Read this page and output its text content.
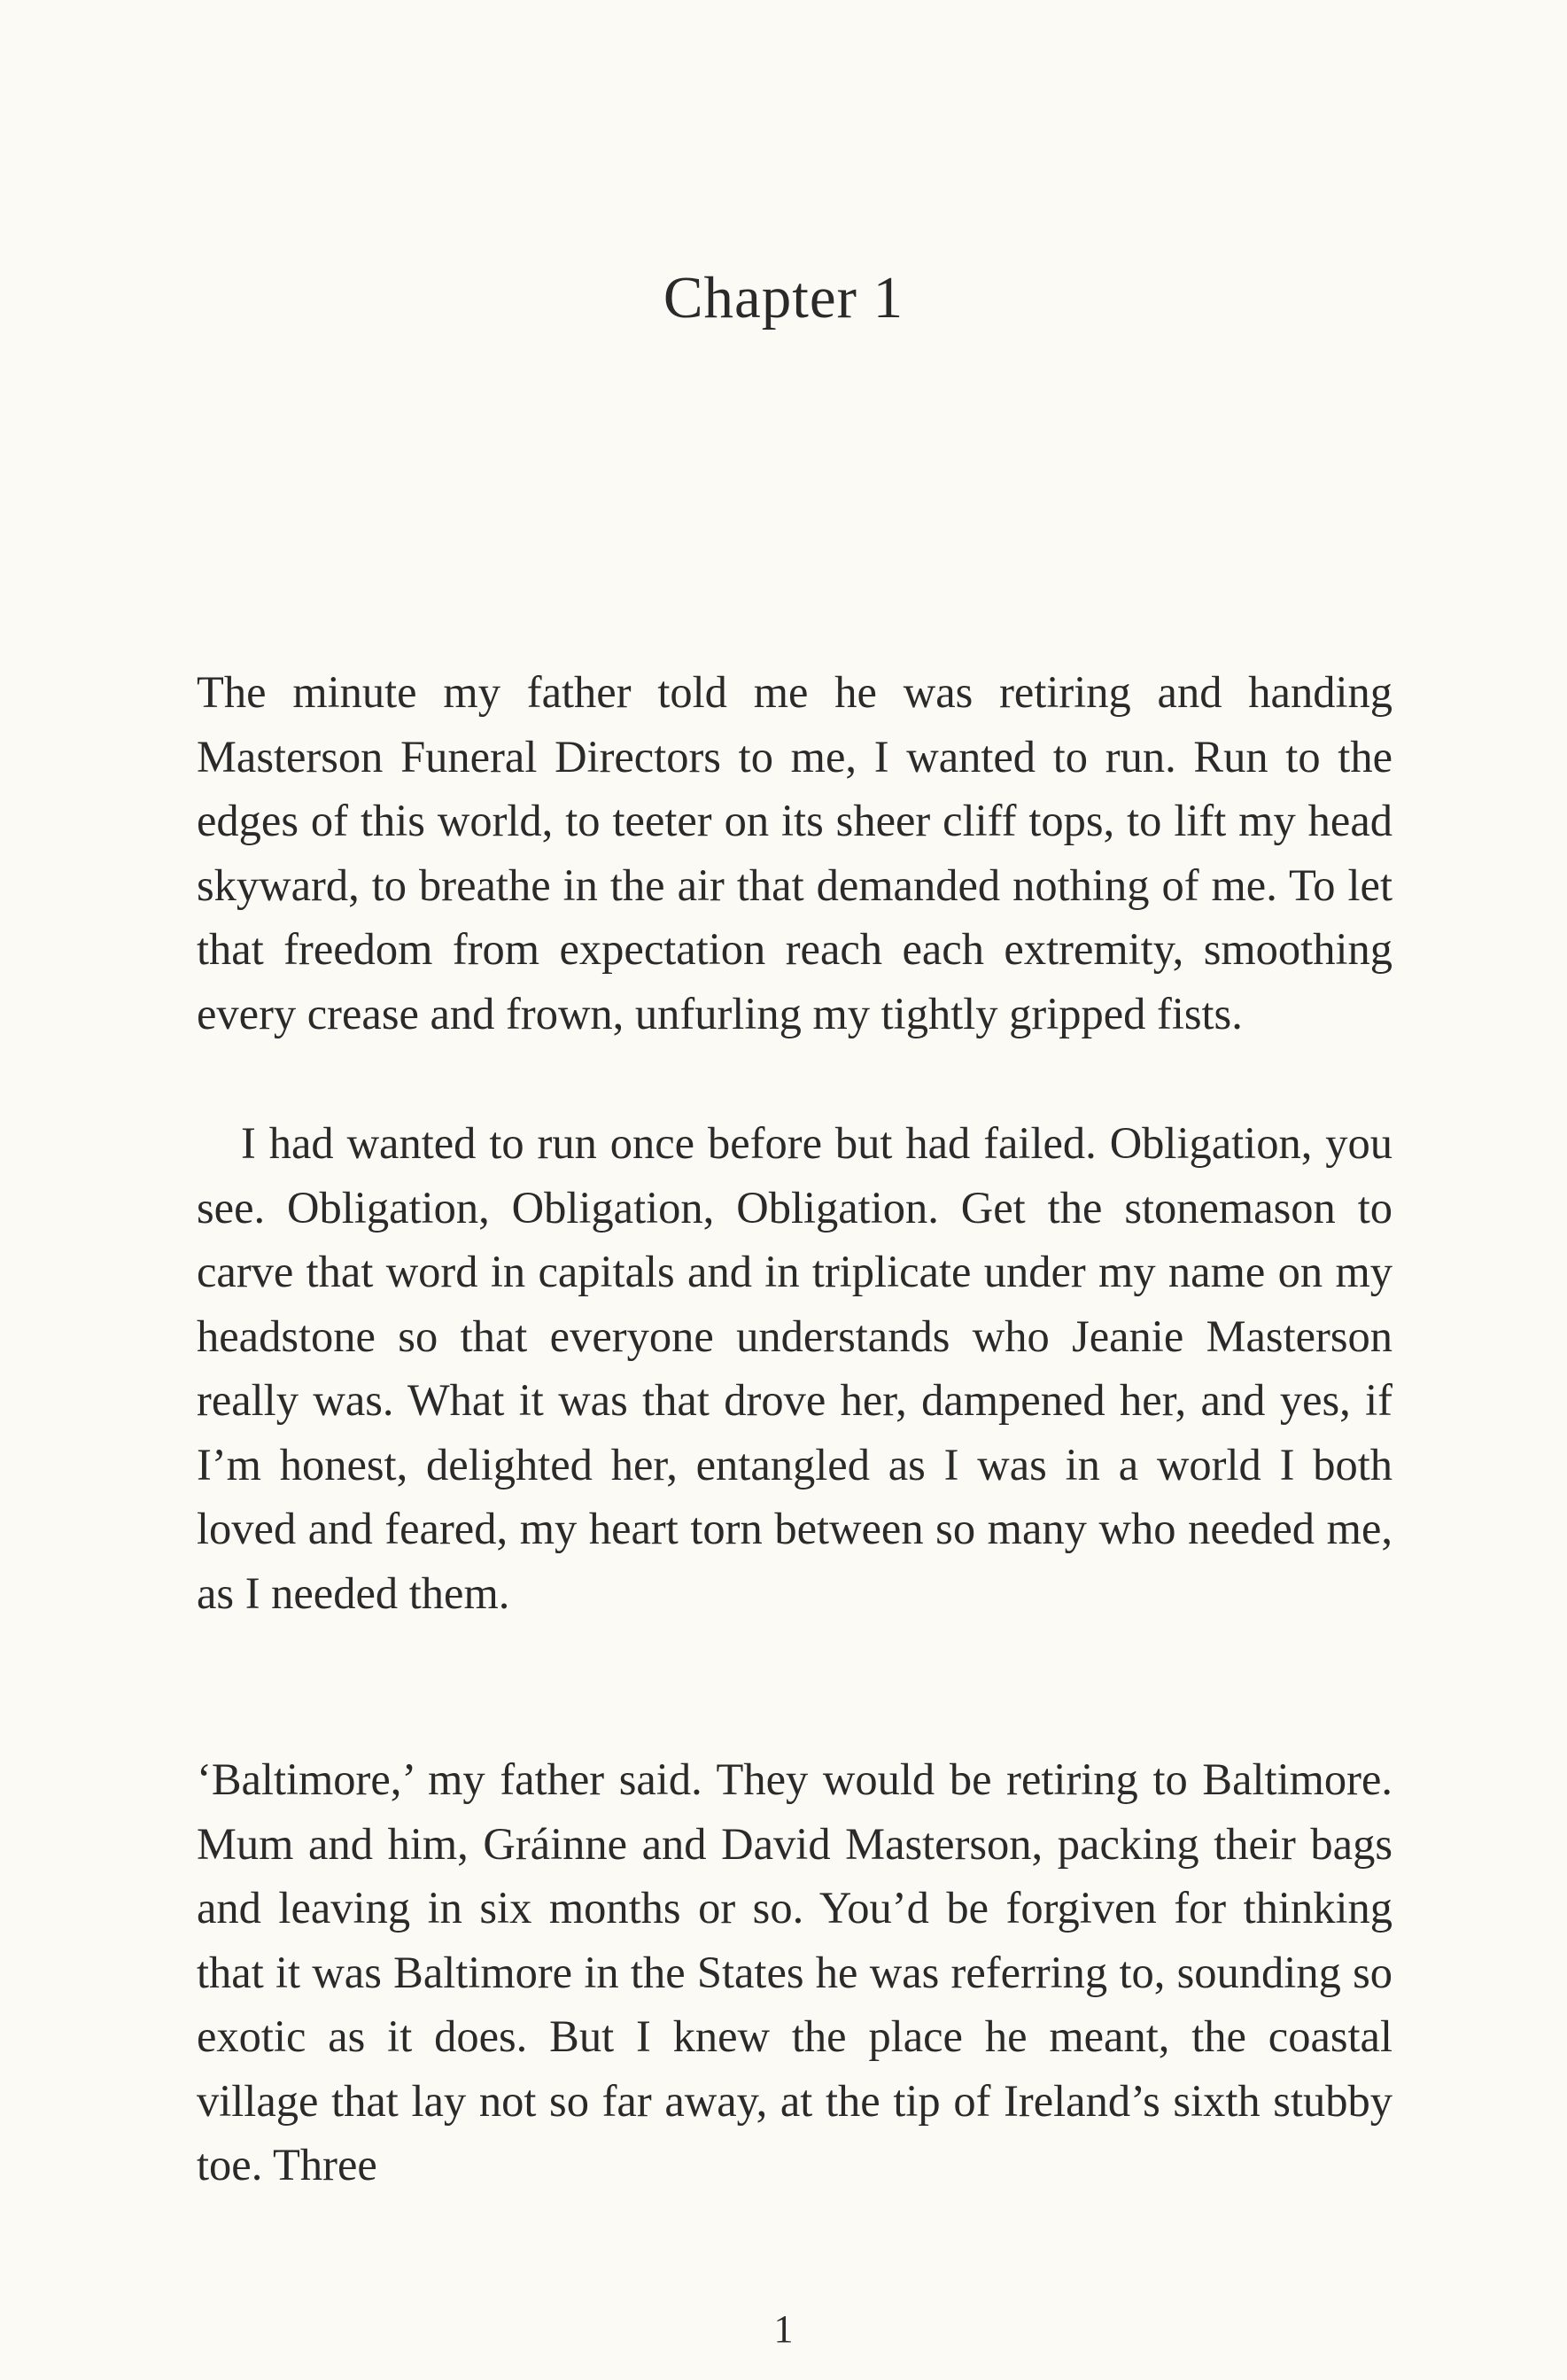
Chapter 1

The minute my father told me he was retiring and handing Masterson Funeral Directors to me, I wanted to run. Run to the edges of this world, to teeter on its sheer cliff tops, to lift my head skyward, to breathe in the air that demanded nothing of me. To let that freedom from expectation reach each extremity, smoothing every crease and frown, unfurling my tightly gripped fists.

I had wanted to run once before but had failed. Obligation, you see. Obligation, Obligation, Obligation. Get the stonemason to carve that word in capitals and in triplicate under my name on my headstone so that everyone understands who Jeanie Masterson really was. What it was that drove her, dampened her, and yes, if I’m honest, delighted her, entangled as I was in a world I both loved and feared, my heart torn between so many who needed me, as I needed them.

‘Baltimore,’ my father said. They would be retiring to Baltimore. Mum and him, Gráinne and David Masterson, packing their bags and leaving in six months or so. You’d be forgiven for thinking that it was Baltimore in the States he was referring to, sounding so exotic as it does. But I knew the place he meant, the coastal village that lay not so far away, at the tip of Ireland’s sixth stubby toe. Three

1
